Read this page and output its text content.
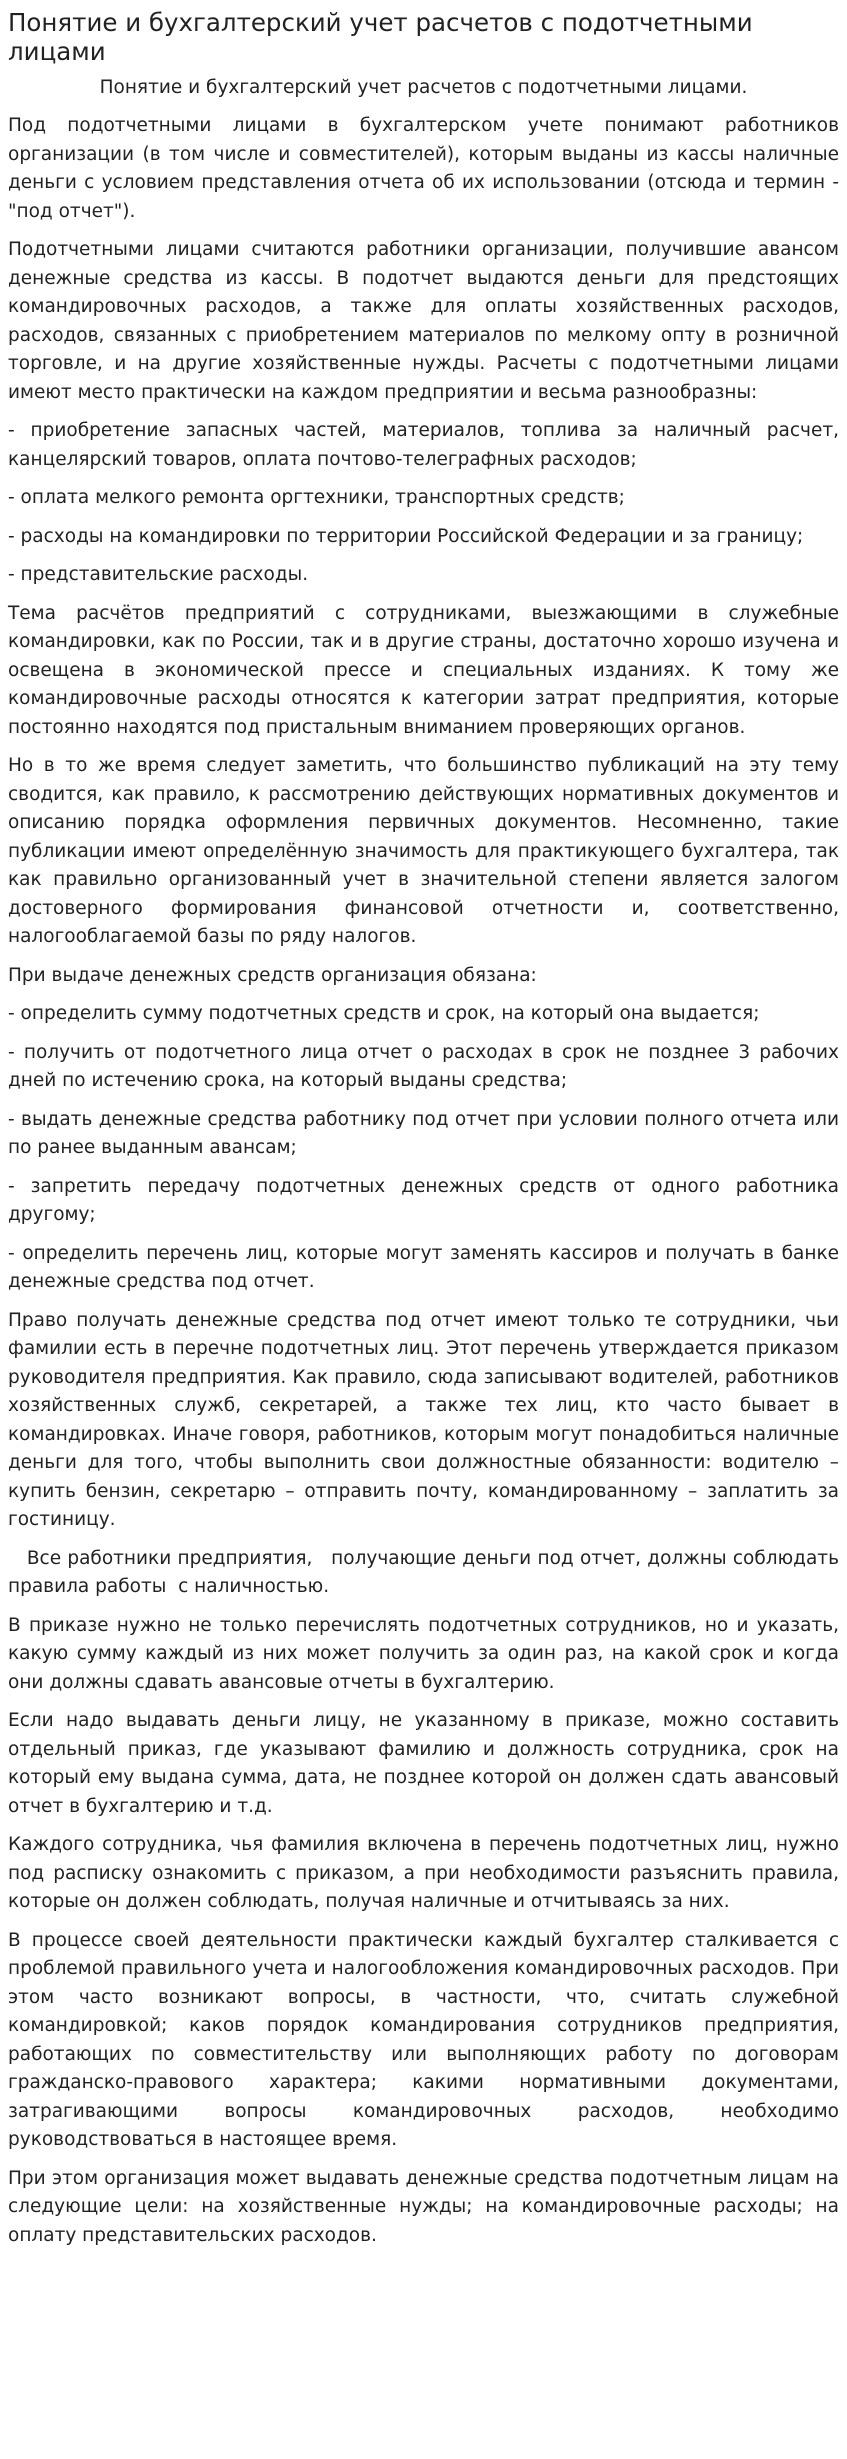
Понятие и бухгалтерский учет расчетов с подотчетными лицами

Понятие и бухгалтерский учет расчетов с подотчетными лицами.

Под подотчетными лицами в бухгалтерском учете понимают работников организации (в том числе и совместителей), которым выданы из кассы наличные деньги с условием представления отчета об их использовании (отсюда и термин - "под отчет").

Подотчетными лицами считаются работники организации, получившие авансом денежные средства из кассы. В подотчет выдаются деньги для предстоящих командировочных расходов, а также для оплаты хозяйственных расходов, расходов, связанных с приобретением материалов по мелкому опту в розничной торговле, и на другие хозяйственные нужды. Расчеты с подотчетными лицами имеют место практически на каждом предприятии и весьма разнообразны:

- приобретение запасных частей, материалов, топлива за наличный расчет, канцелярский товаров, оплата почтово-телеграфных расходов;

- оплата мелкого ремонта оргтехники, транспортных средств;

- расходы на командировки по территории Российской Федерации и за границу;

- представительские расходы.

Тема расчётов предприятий с сотрудниками, выезжающими в служебные командировки, как по России, так и в другие страны, достаточно хорошо изучена и освещена в экономической прессе и специальных изданиях. К тому же командировочные расходы относятся к категории затрат предприятия, которые постоянно находятся под пристальным вниманием проверяющих органов.

Но в то же время следует заметить, что большинство публикаций на эту тему сводится, как правило, к рассмотрению действующих нормативных документов и описанию порядка оформления первичных документов. Несомненно, такие публикации имеют определённую значимость для практикующего бухгалтера, так как правильно организованный учет в значительной степени является залогом достоверного формирования финансовой отчетности и, соответственно, налогооблагаемой базы по ряду налогов.

При выдаче денежных средств организация обязана:

- определить сумму подотчетных средств и срок, на который она выдается;

- получить от подотчетного лица отчет о расходах в срок не позднее 3 рабочих дней по истечению срока, на который выданы средства;

- выдать денежные средства работнику под отчет при условии полного отчета или по ранее выданным авансам;

- запретить передачу подотчетных денежных средств от одного работника другому;

- определить перечень лиц, которые могут заменять кассиров и получать в банке денежные средства под отчет.

Право получать денежные средства под отчет имеют только те сотрудники, чьи фамилии есть в перечне подотчетных лиц. Этот перечень утверждается приказом руководителя предприятия. Как правило, сюда записывают водителей, работников хозяйственных служб, секретарей, а также тех лиц, кто часто бывает в командировках. Иначе говоря, работников, которым могут понадобиться наличные деньги для того, чтобы выполнить свои должностные обязанности: водителю – купить бензин, секретарю – отправить почту, командированному – заплатить за гостиницу.

Все работники предприятия,   получающие деньги под отчет, должны соблюдать правила работы  с наличностью.

В приказе нужно не только перечислять подотчетных сотрудников, но и указать, какую сумму каждый из них может получить за один раз, на какой срок и когда они должны сдавать авансовые отчеты в бухгалтерию.

Если надо выдавать деньги лицу, не указанному в приказе, можно составить отдельный приказ, где указывают фамилию и должность сотрудника, срок на который ему выдана сумма, дата, не позднее которой он должен сдать авансовый отчет в бухгалтерию и т.д.

Каждого сотрудника, чья фамилия включена в перечень подотчетных лиц, нужно под расписку ознакомить с приказом, а при необходимости разъяснить правила, которые он должен соблюдать, получая наличные и отчитываясь за них.

В процессе своей деятельности практически каждый бухгалтер сталкивается с проблемой правильного учета и налогообложения командировочных расходов. При этом часто возникают вопросы, в частности, что, считать служебной командировкой; каков порядок командирования сотрудников предприятия, работающих по совместительству или выполняющих работу по договорам гражданско-правового характера; какими нормативными документами, затрагивающими вопросы командировочных расходов, необходимо руководствоваться в настоящее время.

При этом организация может выдавать денежные средства подотчетным лицам на следующие цели: на хозяйственные нужды; на командировочные расходы; на оплату представительских расходов.
